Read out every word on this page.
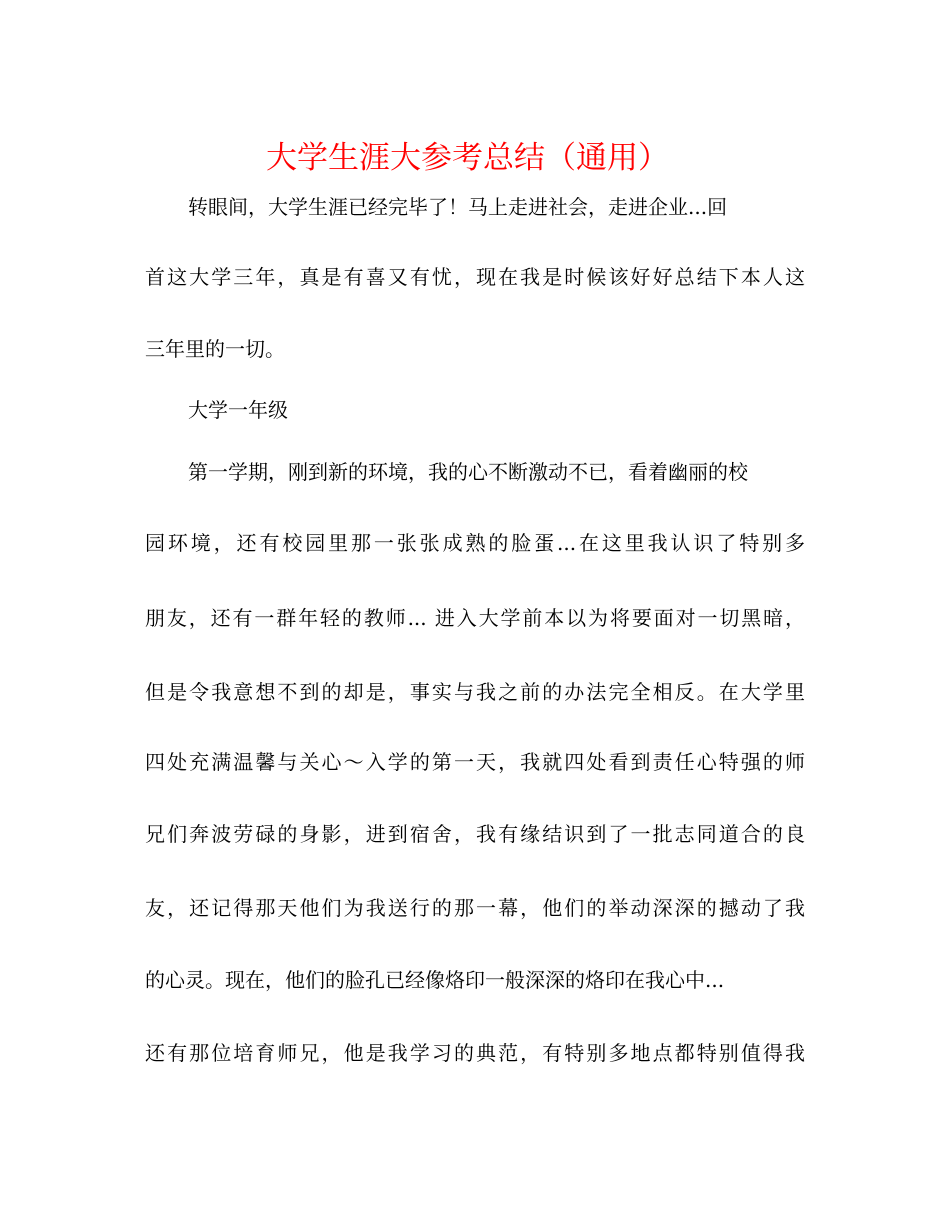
大学生涯大参考总结（通用）

转眼间，大学生涯已经完毕了！马上走进社会，走进企业...回

首这大学三年，真是有喜又有忧，现在我是时候该好好总结下本人这

三年里的一切。

大学一年级

第一学期，刚到新的环境，我的心不断激动不已，看着幽丽的校

园环境，还有校园里那一张张成熟的脸蛋...在这里我认识了特别多

朋友，还有一群年轻的教师... 进入大学前本以为将要面对一切黑暗，

但是令我意想不到的却是，事实与我之前的办法完全相反。在大学里

四处充满温馨与关心～入学的第一天，我就四处看到责任心特强的师

兄们奔波劳碌的身影，进到宿舍，我有缘结识到了一批志同道合的良

友，还记得那天他们为我送行的那一幕，他们的举动深深的撼动了我

的心灵。现在，他们的脸孔已经像烙印一般深深的烙印在我心中...

还有那位培育师兄，他是我学习的典范，有特别多地点都特别值得我
